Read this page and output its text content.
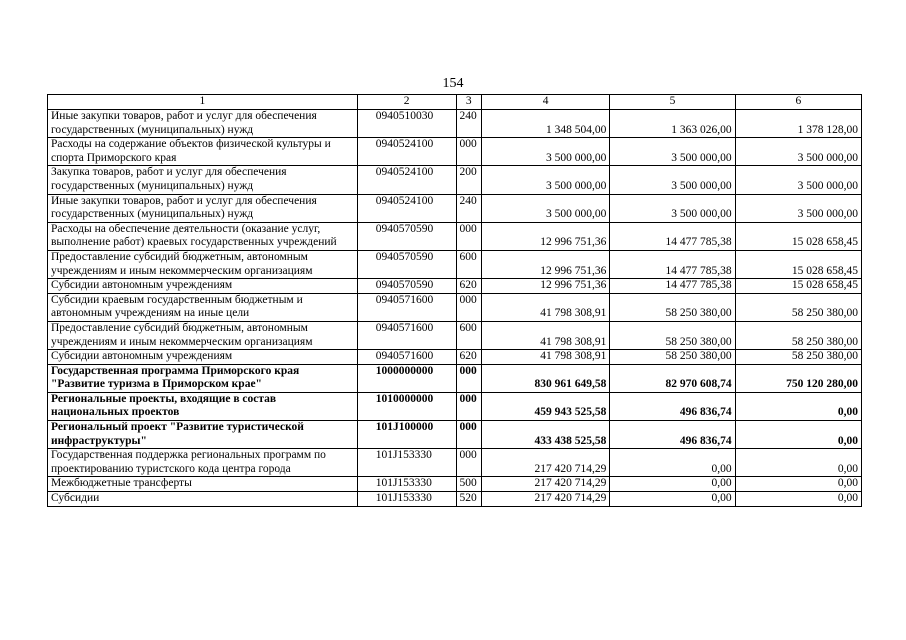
154
1	2	3	4	5	6
Иные закупки товаров, работ и услуг для обеспечения государственных (муниципальных) нужд	0940510030	240	1 348 504,00	1 363 026,00	1 378 128,00
Расходы на содержание объектов физической культуры и спорта Приморского края	0940524100	000	3 500 000,00	3 500 000,00	3 500 000,00
Закупка товаров, работ и услуг для обеспечения государственных (муниципальных) нужд	0940524100	200	3 500 000,00	3 500 000,00	3 500 000,00
Иные закупки товаров, работ и услуг для обеспечения государственных (муниципальных) нужд	0940524100	240	3 500 000,00	3 500 000,00	3 500 000,00
Расходы на обеспечение деятельности (оказание услуг, выполнение работ) краевых государственных учреждений	0940570590	000	12 996 751,36	14 477 785,38	15 028 658,45
Предоставление субсидий бюджетным, автономным учреждениям и иным некоммерческим организациям	0940570590	600	12 996 751,36	14 477 785,38	15 028 658,45
Субсидии автономным учреждениям	0940570590	620	12 996 751,36	14 477 785,38	15 028 658,45
Субсидии краевым государственным бюджетным и автономным учреждениям на иные цели	0940571600	000	41 798 308,91	58 250 380,00	58 250 380,00
Предоставление субсидий бюджетным, автономным учреждениям и иным некоммерческим организациям	0940571600	600	41 798 308,91	58 250 380,00	58 250 380,00
Субсидии автономным учреждениям	0940571600	620	41 798 308,91	58 250 380,00	58 250 380,00
Государственная программа Приморского края "Развитие туризма в Приморском крае"	1000000000	000	830 961 649,58	82 970 608,74	750 120 280,00
Региональные проекты, входящие в состав национальных проектов	1010000000	000	459 943 525,58	496 836,74	0,00
Региональный проект "Развитие туристической инфраструктуры"	101J100000	000	433 438 525,58	496 836,74	0,00
Государственная поддержка региональных программ по проектированию туристского кода центра города	101J153330	000	217 420 714,29	0,00	0,00
Межбюджетные трансферты	101J153330	500	217 420 714,29	0,00	0,00
Субсидии	101J153330	520	217 420 714,29	0,00	0,00
